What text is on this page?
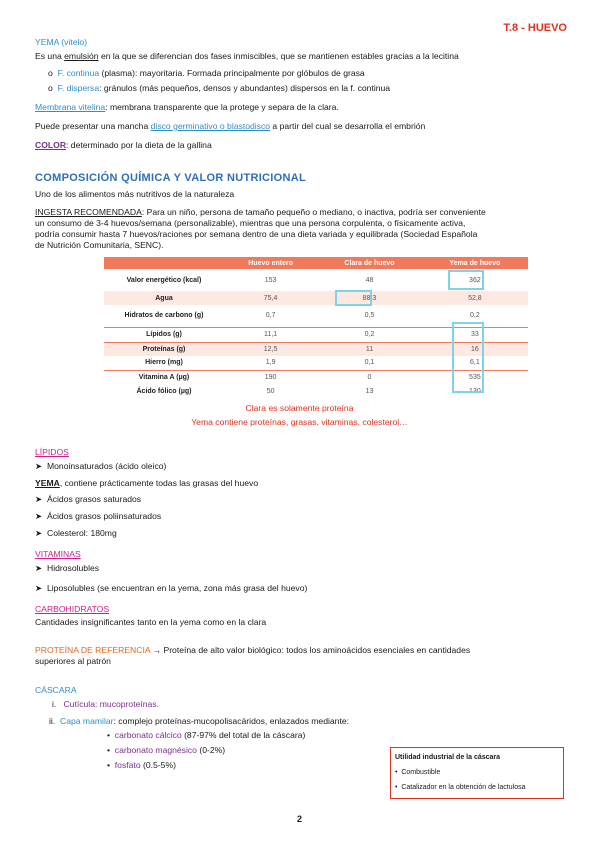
T.8 - HUEVO
YEMA (vitelo)
Es una emulsión en la que se diferencian dos fases inmiscibles, que se mantienen estables gracias a la lecitina
o F. continua (plasma): mayoritaria. Formada principalmente por glóbulos de grasa
o F. dispersa: gránulos (más pequeños, densos y abundantes) dispersos en la f. continua
Membrana vitelina: membrana transparente que la protege y separa de la clara.
Puede presentar una mancha disco germinativo o blastodisco a partir del cual se desarrolla el embrión
COLOR: determinado por la dieta de la gallina
COMPOSICIÓN QUÍMICA Y VALOR NUTRICIONAL
Uno de los alimentos más nutritivos de la naturaleza
INGESTA RECOMENDADA: Para un niño, persona de tamaño pequeño o mediano, o inactiva, podría ser conveniente
un consumo de 3-4 huevos/semana (personalizable), mientras que una persona corpulenta, o físicamente activa,
podría consumir hasta 7 huevos/raciones por semana dentro de una dieta variada y equilibrada (Sociedad Española
de Nutrición Comunitaria, SENC).
	Huevo entero	Clara de huevo	Yema de huevo
Valor energético (kcal)	153	48	362
Agua	75,4	88,3	52,8
Hidratos de carbono (g)	0,7	0,5	0,2
Lípidos (g)	11,1	0,2	33
Proteínas (g)	12,5	11	16
Hierro (mg)	1,9	0,1	6,1
Vitamina A (µg)	190	0	535
Ácido fólico (µg)	50	13	130
Clara es solamente proteína
Yema contiene proteínas, grasas, vitaminas, colesterol…
LÍPIDOS
➤ Monoinsaturados (ácido oleico)
YEMA, contiene prácticamente todas las grasas del huevo
➤ Ácidos grasos saturados
➤ Ácidos grasos poliinsaturados
➤ Colesterol: 180mg
VITAMINAS
➤ Hidrosolubles
➤ Liposolubles (se encuentran en la yema, zona más grasa del huevo)
CARBOHIDRATOS
Cantidades insignificantes tanto en la yema como en la clara
PROTEÍNA DE REFERENCIA → Proteína de alto valor biológico: todos los aminoácidos esenciales en cantidades
superiores al patrón
CÁSCARA
i. Cutícula: mucoproteínas.
ii. Capa mamilar: complejo proteínas-mucopolisacáridos, enlazados mediante:
• carbonato cálcico (87-97% del total de la cáscara)
• carbonato magnésico (0-2%)
• fosfato (0.5-5%)
Utilidad industrial de la cáscara
• Combustible
• Catalizador en la obtención de lactulosa
2
